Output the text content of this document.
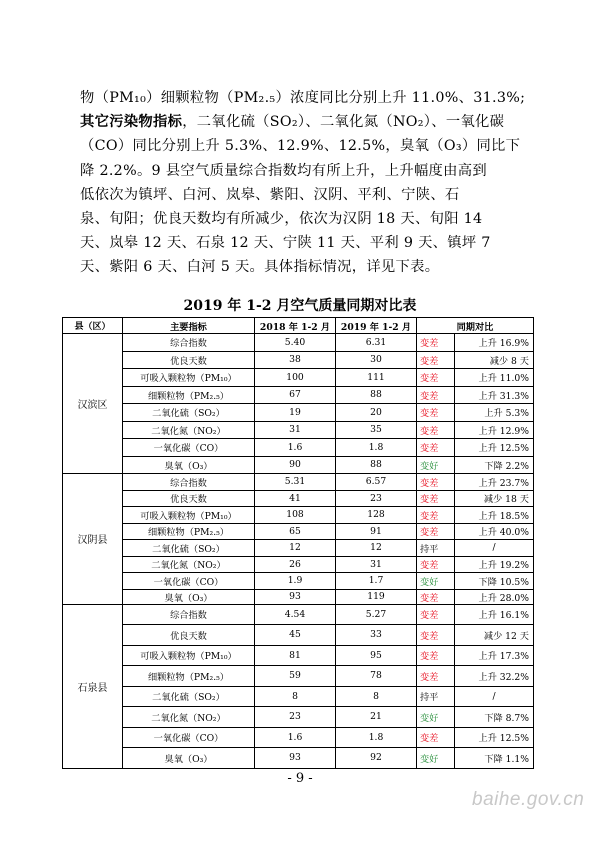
物（PM₁₀）细颗粒物（PM₂.₅）浓度同比分别上升 11.0%、31.3%;

其它污染物指标，二氧化硫（SO₂）、二氧化氮（NO₂）、一氧化碳

（CO）同比分别上升 5.3%、12.9%、12.5%，臭氧（O₃）同比下

降 2.2%。9 县空气质量综合指数均有所上升，上升幅度由高到

低依次为镇坪、白河、岚皋、紫阳、汉阴、平利、宁陕、石

泉、旬阳；优良天数均有所减少，依次为汉阴 18 天、旬阳 14

天、岚皋 12 天、石泉 12 天、宁陕 11 天、平利 9 天、镇坪 7

天、紫阳 6 天、白河 5 天。具体指标情况，详见下表。

2019 年 1-2 月空气质量同期对比表
县（区）	主要指标	2018 年 1-2 月	2019 年 1-2 月	同期对比	
汉滨区	综合指数	5.40	6.31	变差	上升 16.9%
	优良天数	38	30	变差	减少 8 天
	可吸入颗粒物（PM₁₀）	100	111	变差	上升 11.0%
	细颗粒物（PM₂.₅）	67	88	变差	上升 31.3%
	二氧化硫（SO₂）	19	20	变差	上升 5.3%
	二氧化氮（NO₂）	31	35	变差	上升 12.9%
	一氧化碳（CO）	1.6	1.8	变差	上升 12.5%
	臭氧（O₃）	90	88	变好	下降 2.2%
汉阴县	综合指数	5.31	6.57	变差	上升 23.7%
	优良天数	41	23	变差	减少 18 天
	可吸入颗粒物（PM₁₀）	108	128	变差	上升 18.5%
	细颗粒物（PM₂.₅）	65	91	变差	上升 40.0%
	二氧化硫（SO₂）	12	12	持平	/
	二氧化氮（NO₂）	26	31	变差	上升 19.2%
	一氧化碳（CO）	1.9	1.7	变好	下降 10.5%
	臭氧（O₃）	93	119	变差	上升 28.0%
石泉县	综合指数	4.54	5.27	变差	上升 16.1%
	优良天数	45	33	变差	减少 12 天
	可吸入颗粒物（PM₁₀）	81	95	变差	上升 17.3%
	细颗粒物（PM₂.₅）	59	78	变差	上升 32.2%
	二氧化硫（SO₂）	8	8	持平	/
	二氧化氮（NO₂）	23	21	变好	下降 8.7%
	一氧化碳（CO）	1.6	1.8	变差	上升 12.5%
	臭氧（O₃）	93	92	变好	下降 1.1%
- 9 -
baihe.gov.cn
